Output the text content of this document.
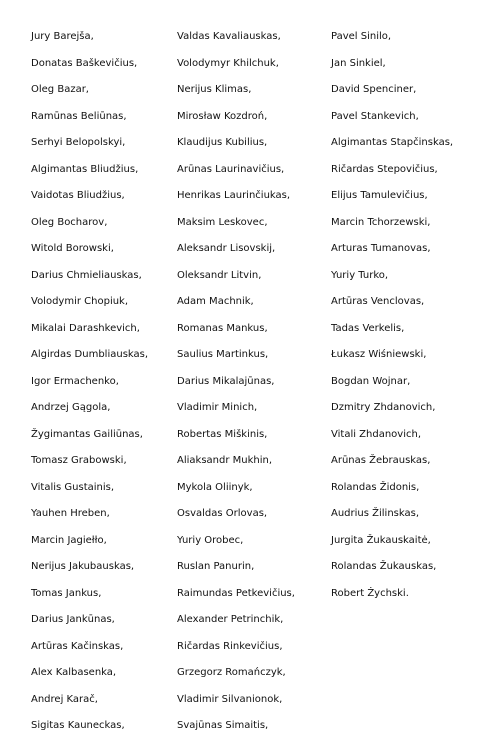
Jury Barejša,
Donatas Baškevičius,
Oleg Bazar,
Ramūnas Beliūnas,
Serhyi Belopolskyi,
Algimantas Bliudžius,
Vaidotas Bliudžius,
Oleg Bocharov,
Witold Borowski,
Darius Chmieliauskas,
Volodymir Chopiuk,
Mikalai Darashkevich,
Algirdas Dumbliauskas,
Igor Ermachenko,
Andrzej Gągola,
Žygimantas Gailiūnas,
Tomasz Grabowski,
Vitalis Gustainis,
Yauhen Hreben,
Marcin Jagiełło,
Nerijus Jakubauskas,
Tomas Jankus,
Darius Jankūnas,
Artūras Kačinskas,
Alex Kalbasenka,
Andrej Karač,
Sigitas Kauneckas,
Valdas Kavaliauskas,
Volodymyr Khilchuk,
Nerijus Klimas,
Mirosław Kozdroń,
Klaudijus Kubilius,
Arūnas Laurinavičius,
Henrikas Laurinčiukas,
Maksim Leskovec,
Aleksandr Lisovskij,
Oleksandr Litvin,
Adam Machnik,
Romanas Mankus,
Saulius Martinkus,
Darius Mikalajūnas,
Vladimir Minich,
Robertas Miškinis,
Aliaksandr Mukhin,
Mykola Oliinyk,
Osvaldas Orlovas,
Yuriy Orobec,
Ruslan Panurin,
Raimundas Petkevičius,
Alexander Petrinchik,
Ričardas Rinkevičius,
Grzegorz Romańczyk,
Vladimir Silvanionok,
Svajūnas Simaitis,
Pavel Sinilo,
Jan Sinkiel,
David Spenciner,
Pavel Stankevich,
Algimantas Stapčinskas,
Ričardas Stepovičius,
Elijus Tamulevičius,
Marcin Tchorzewski,
Arturas Tumanovas,
Yuriy Turko,
Artūras Venclovas,
Tadas Verkelis,
Łukasz Wiśniewski,
Bogdan Wojnar,
Dzmitry Zhdanovich,
Vitali Zhdanovich,
Arūnas Žebrauskas,
Rolandas Židonis,
Audrius Žilinskas,
Jurgita Žukauskaitė,
Rolandas Žukauskas,
Robert Żychski.
